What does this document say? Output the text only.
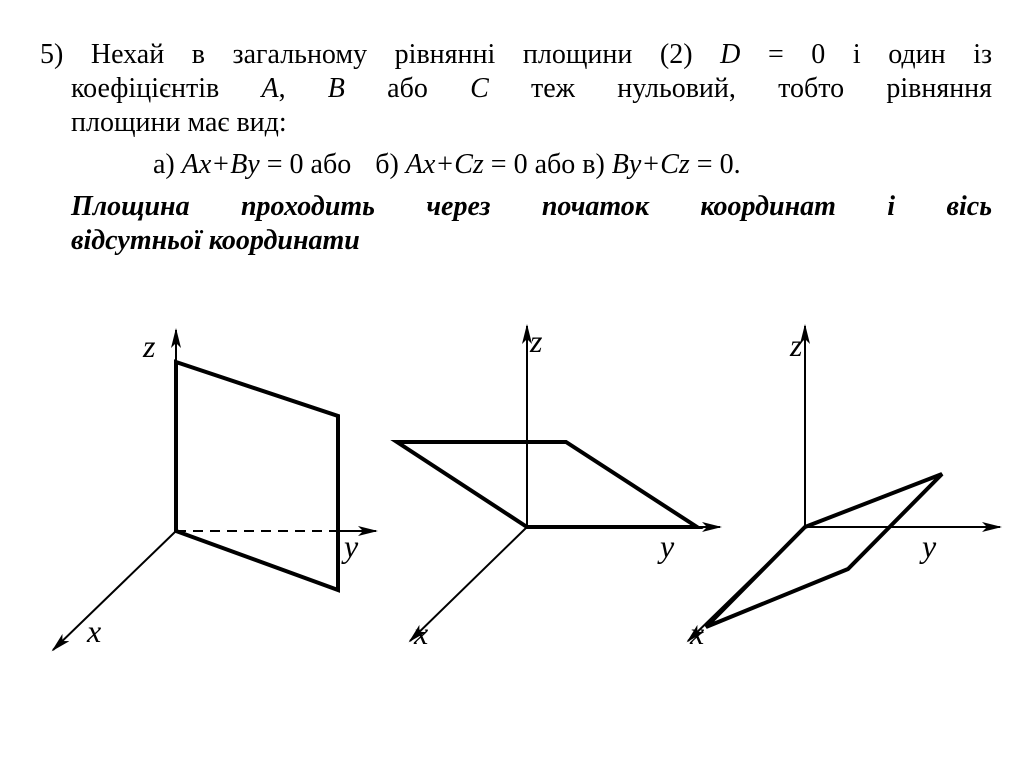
5) Нехай в загальному рівнянні площини (2) D = 0 і один із
коефіцієнтів A, B або C теж нульовий, тобто рівняння
площини має вид:
а) Ax+By = 0 або б) Ax+Cz = 0 або в) By+Cz = 0.
Площина проходить через початок координат і вісь
відсутньої координати
z
y
x
z
y
x
z
y
x
